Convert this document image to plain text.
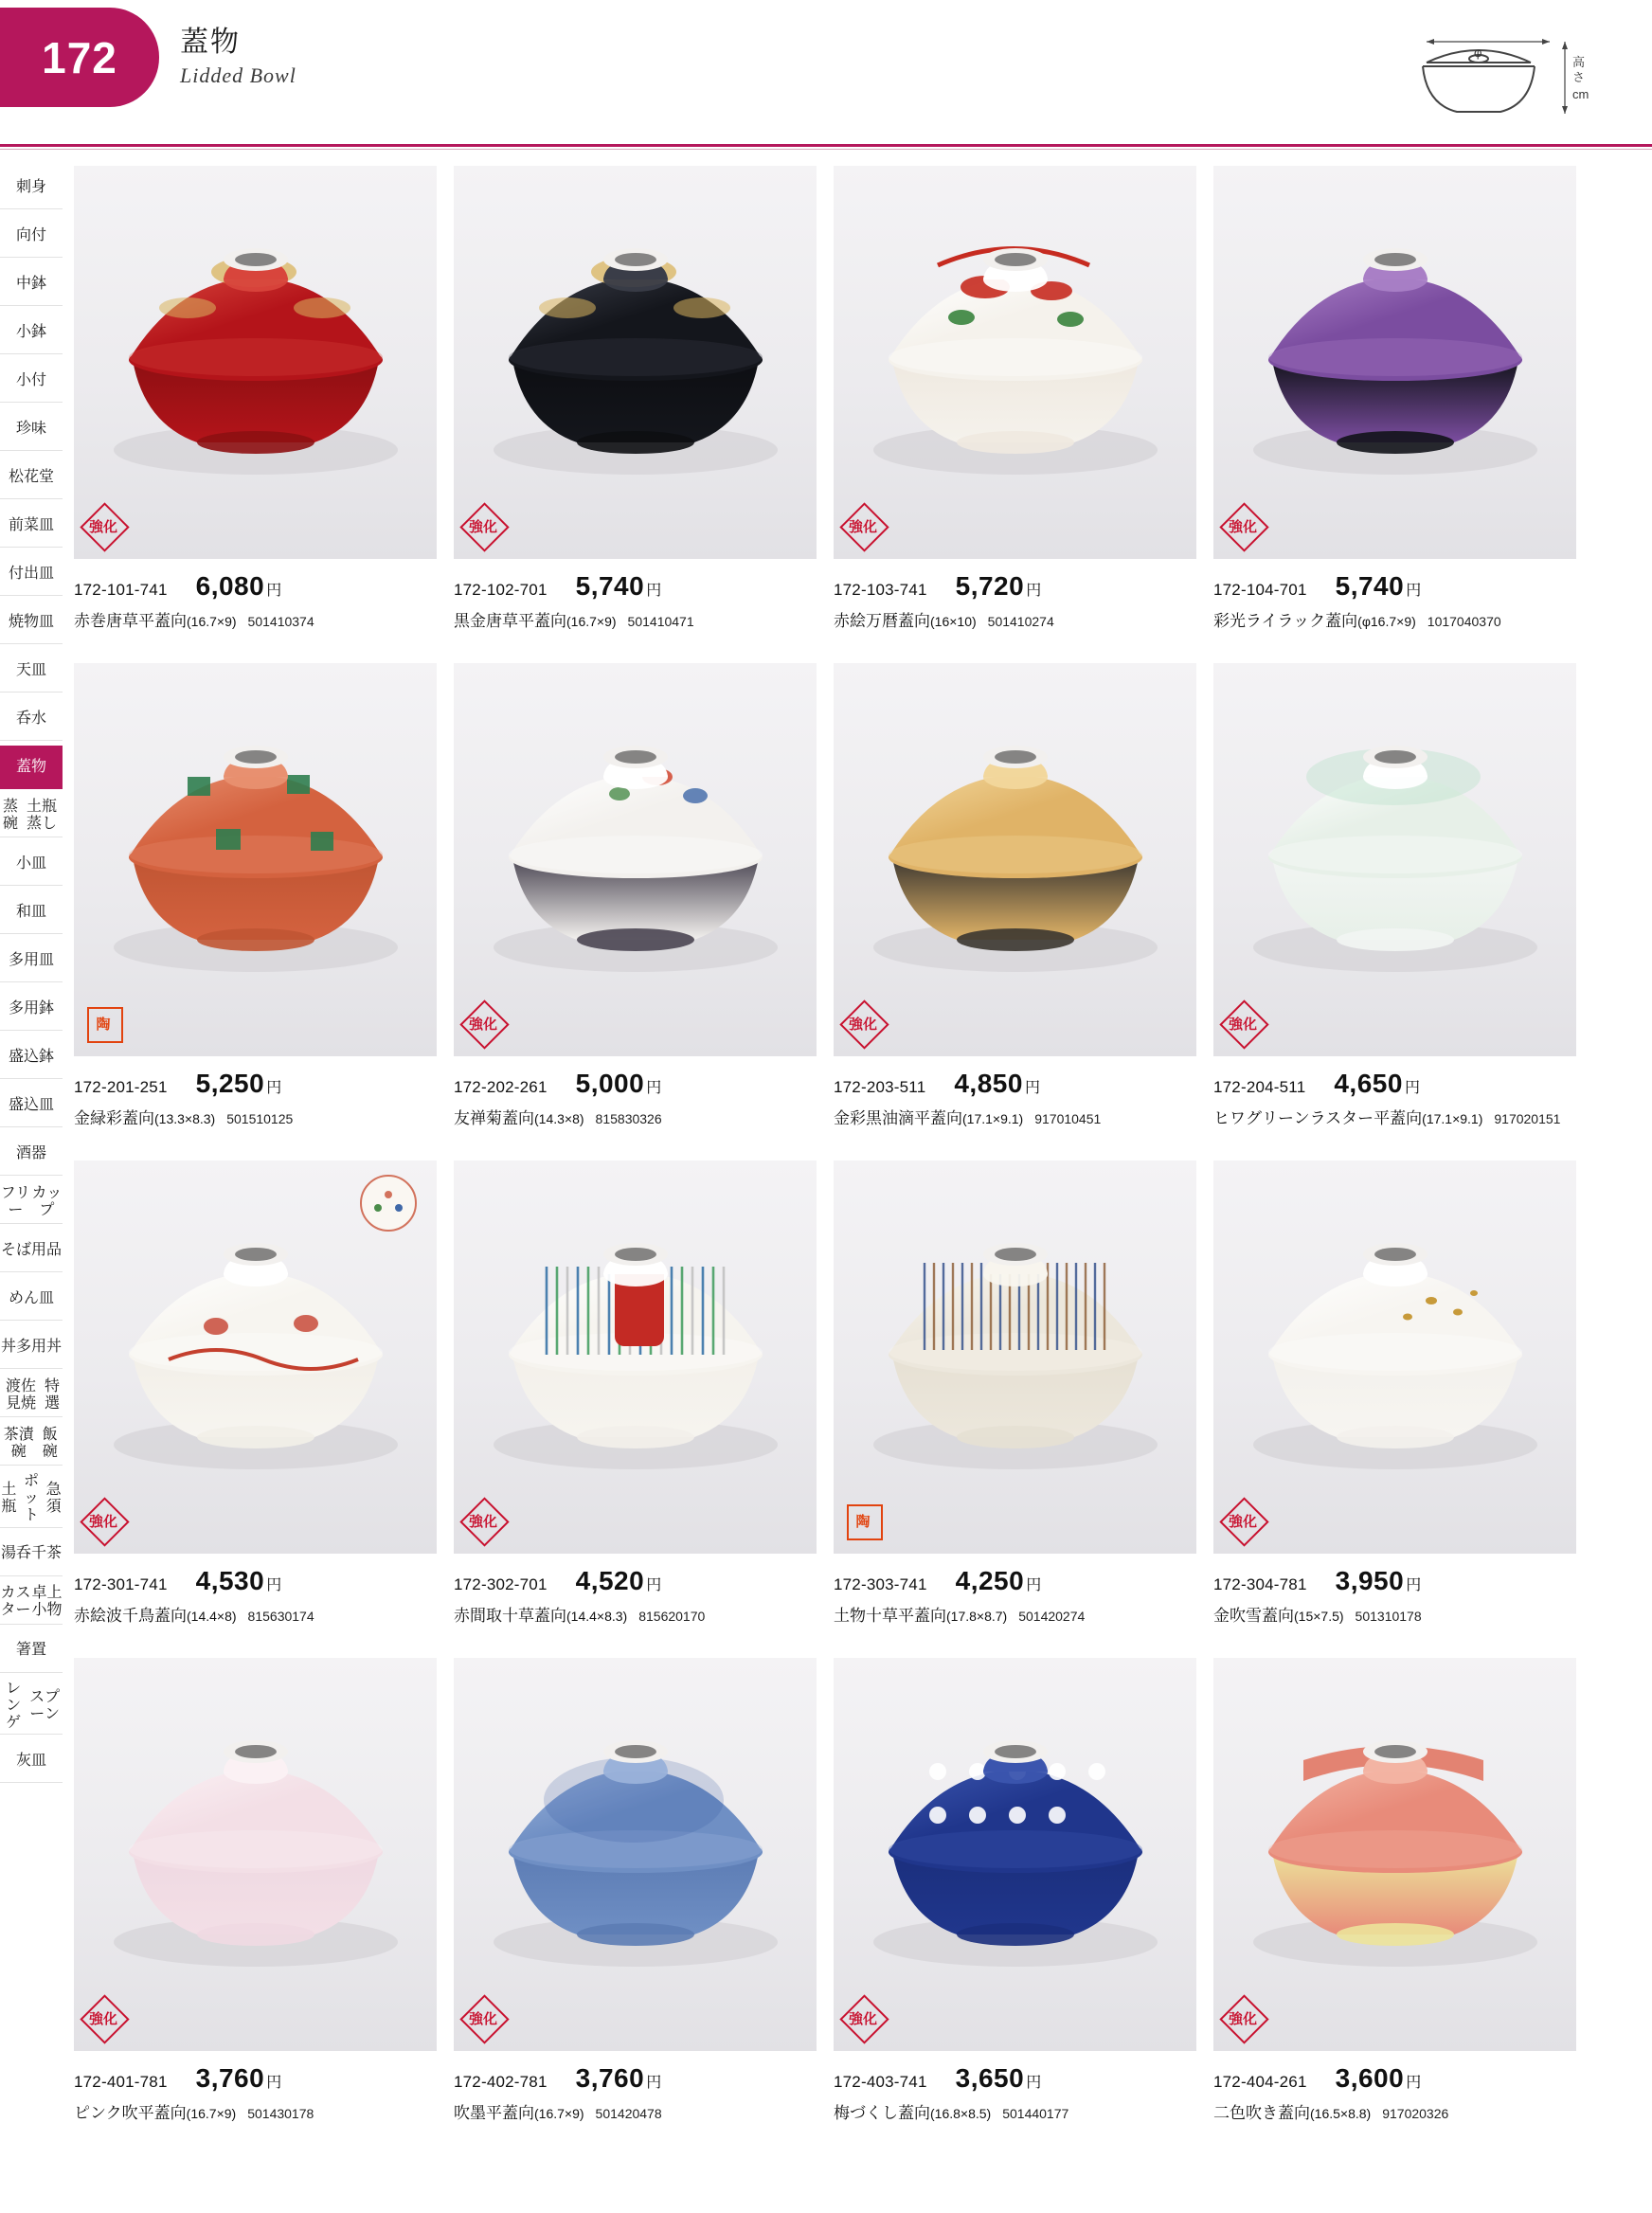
172 蓋物
Lidded Bowl
φ
高
さ
cm
刺身
向付
中鉢
小鉢
小付
珍味
松花堂
前菜皿
付出皿
焼物皿
天皿
呑水
蓋物
蒸碗
土瓶蒸し
小皿
和皿
多用皿
多用鉢
盛込鉢
盛込皿
酒器
フリー
カップ
そば用品
めん皿
丼 多用丼
渡佐見焼
特選
茶漬碗
飯碗
土瓶
ポット
急須
湯呑 千茶
カスター
卓上小物
箸置
レンゲ
スプーン
灰皿
強化
172-101-741 6,080 円
赤巻唐草平蓋向(16.7×9) 501410374
強化
172-102-701 5,740 円
黒金唐草平蓋向(16.7×9) 501410471
強化
172-103-741 5,720 円
赤絵万暦蓋向(16×10) 501410274
強化
172-104-701 5,740 円
彩光ライラック蓋向(φ16.7×9) 1017040370
陶
172-201-251 5,250 円
金緑彩蓋向(13.3×8.3) 501510125
強化
172-202-261 5,000 円
友禅菊蓋向(14.3×8) 815830326
強化
172-203-511 4,850 円
金彩黒油滴平蓋向(17.1×9.1) 917010451
強化
172-204-511 4,650 円
ヒワグリーンラスター平蓋向(17.1×9.1) 917020151
強化
172-301-741 4,530 円
赤絵波千鳥蓋向(14.4×8) 815630174
強化
172-302-701 4,520 円
赤間取十草蓋向(14.4×8.3) 815620170
陶
172-303-741 4,250 円
土物十草平蓋向(17.8×8.7) 501420274
強化
172-304-781 3,950 円
金吹雪蓋向(15×7.5) 501310178
強化
172-401-781 3,760 円
ピンク吹平蓋向(16.7×9) 501430178
強化
172-402-781 3,760 円
吹墨平蓋向(16.7×9) 501420478
強化
172-403-741 3,650 円
梅づくし蓋向(16.8×8.5) 501440177
強化
172-404-261 3,600 円
二色吹き蓋向(16.5×8.8) 917020326
